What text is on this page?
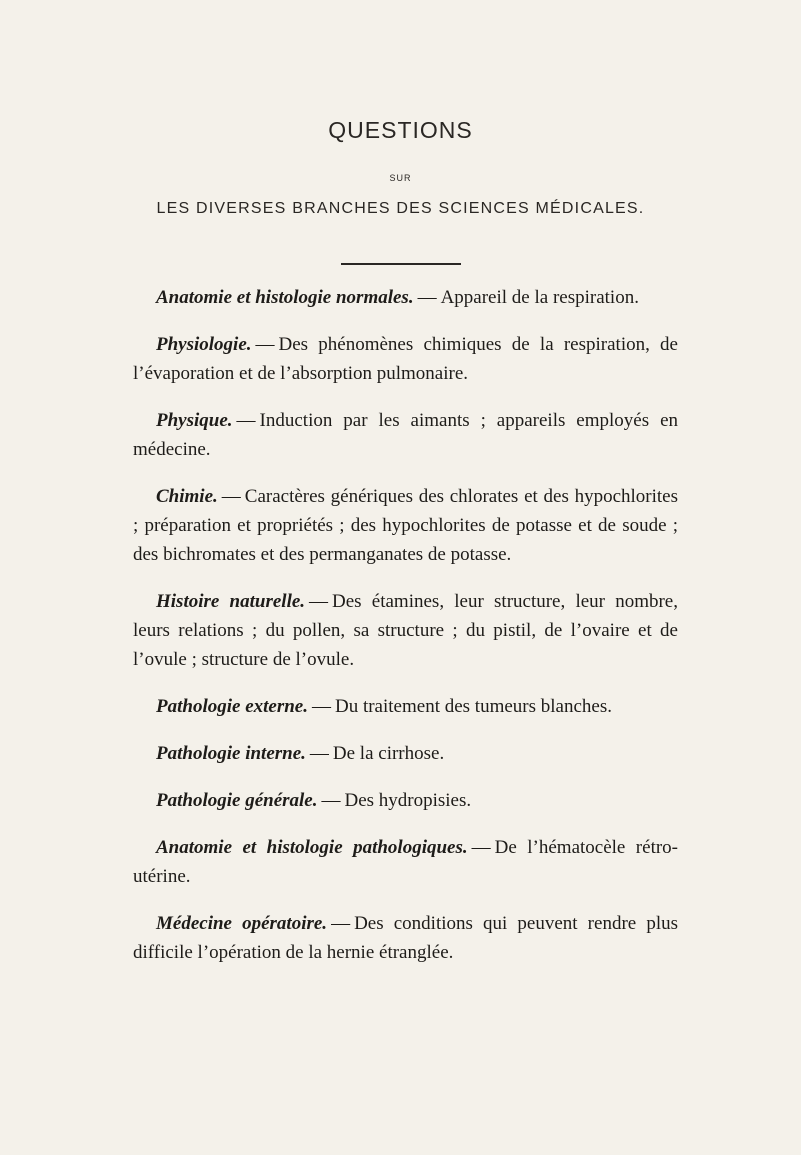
QUESTIONS
SUR
LES DIVERSES BRANCHES DES SCIENCES MÉDICALES.

Anatomie et histologie normales. — Appareil de la respiration.

Physiologie. — Des phénomènes chimiques de la respiration, de l’évaporation et de l’absorption pulmonaire.

Physique. — Induction par les aimants ; appareils employés en médecine.

Chimie. — Caractères génériques des chlorates et des hypochlorites ; préparation et propriétés ; des hypochlorites de potasse et de soude ; des bichromates et des permanganates de potasse.

Histoire naturelle. — Des étamines, leur structure, leur nombre, leurs relations ; du pollen, sa structure ; du pistil, de l’ovaire et de l’ovule ; structure de l’ovule.

Pathologie externe. — Du traitement des tumeurs blanches.

Pathologie interne. — De la cirrhose.

Pathologie générale. — Des hydropisies.

Anatomie et histologie pathologiques. — De l’hématocèle rétro-utérine.

Médecine opératoire. — Des conditions qui peuvent rendre plus difficile l’opération de la hernie étranglée.
